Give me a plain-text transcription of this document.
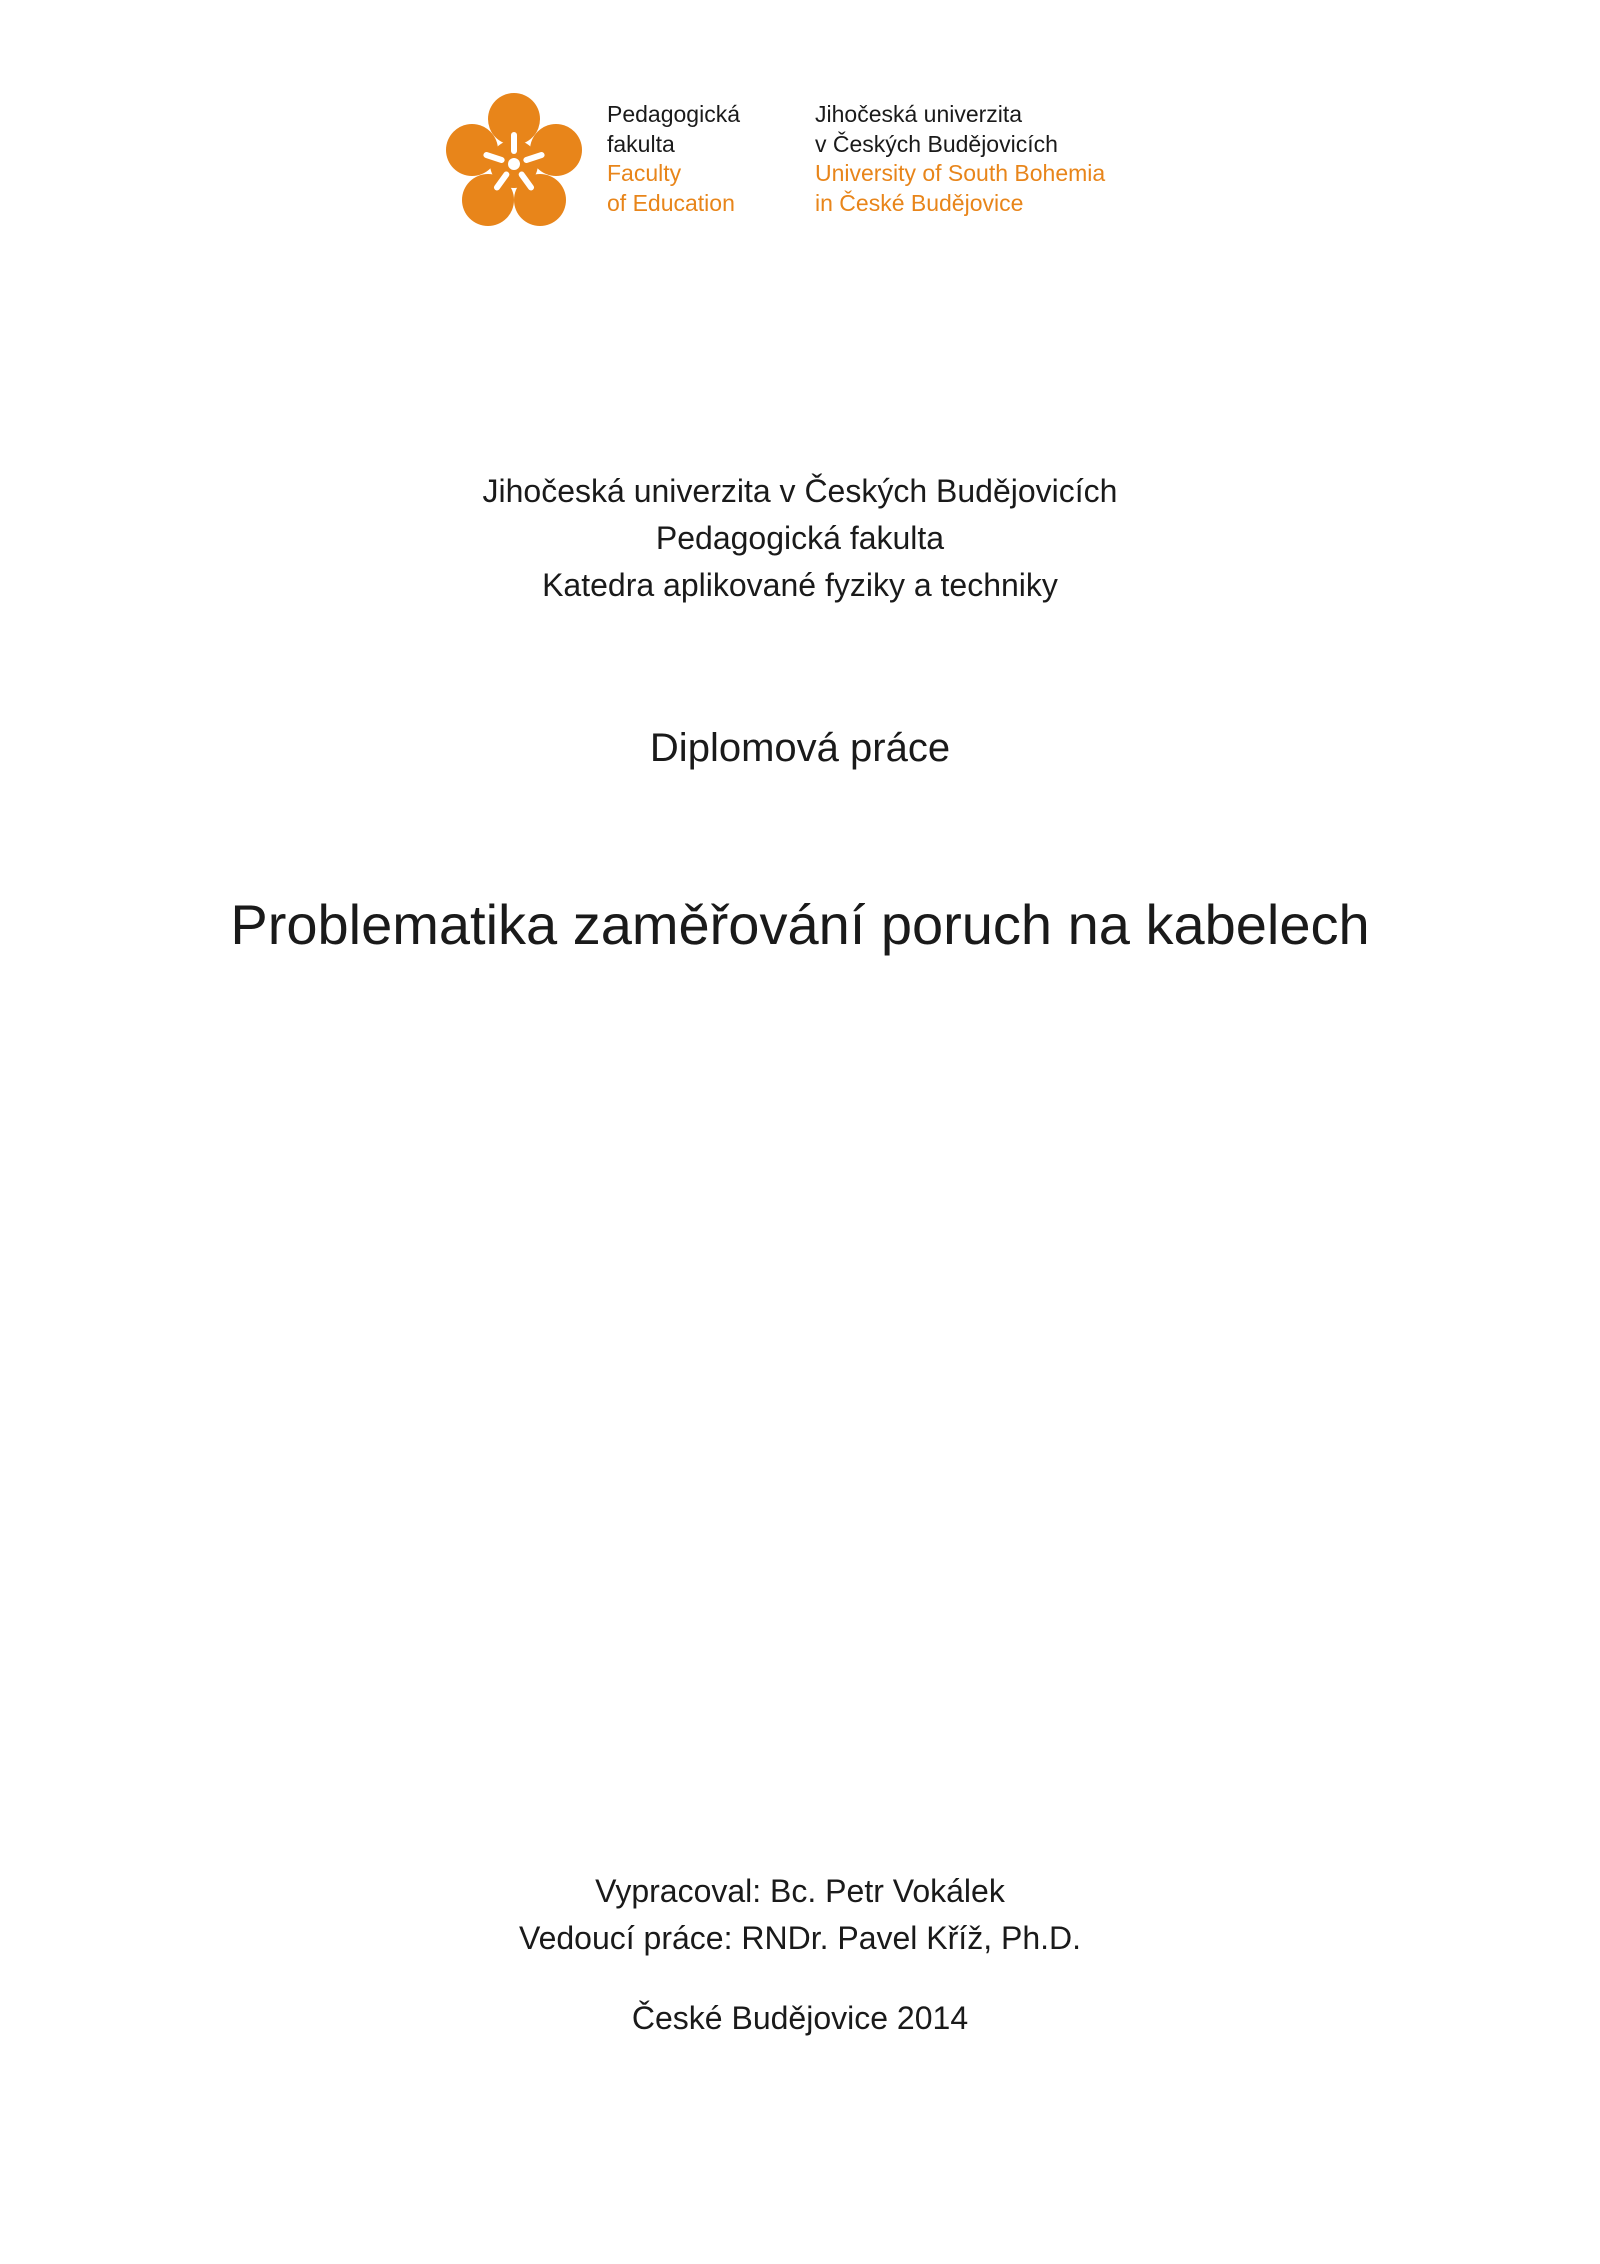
Pedagogická
fakulta
Faculty
of Education
Jihočeská univerzita
v Českých Budějovicích
University of South Bohemia
in České Budějovice
Jihočeská univerzita v Českých Budějovicích
Pedagogická fakulta
Katedra aplikované fyziky a techniky
Diplomová práce
Problematika zaměřování poruch na kabelech
Vypracoval: Bc. Petr Vokálek
Vedoucí práce: RNDr. Pavel Kříž, Ph.D.
České Budějovice 2014
